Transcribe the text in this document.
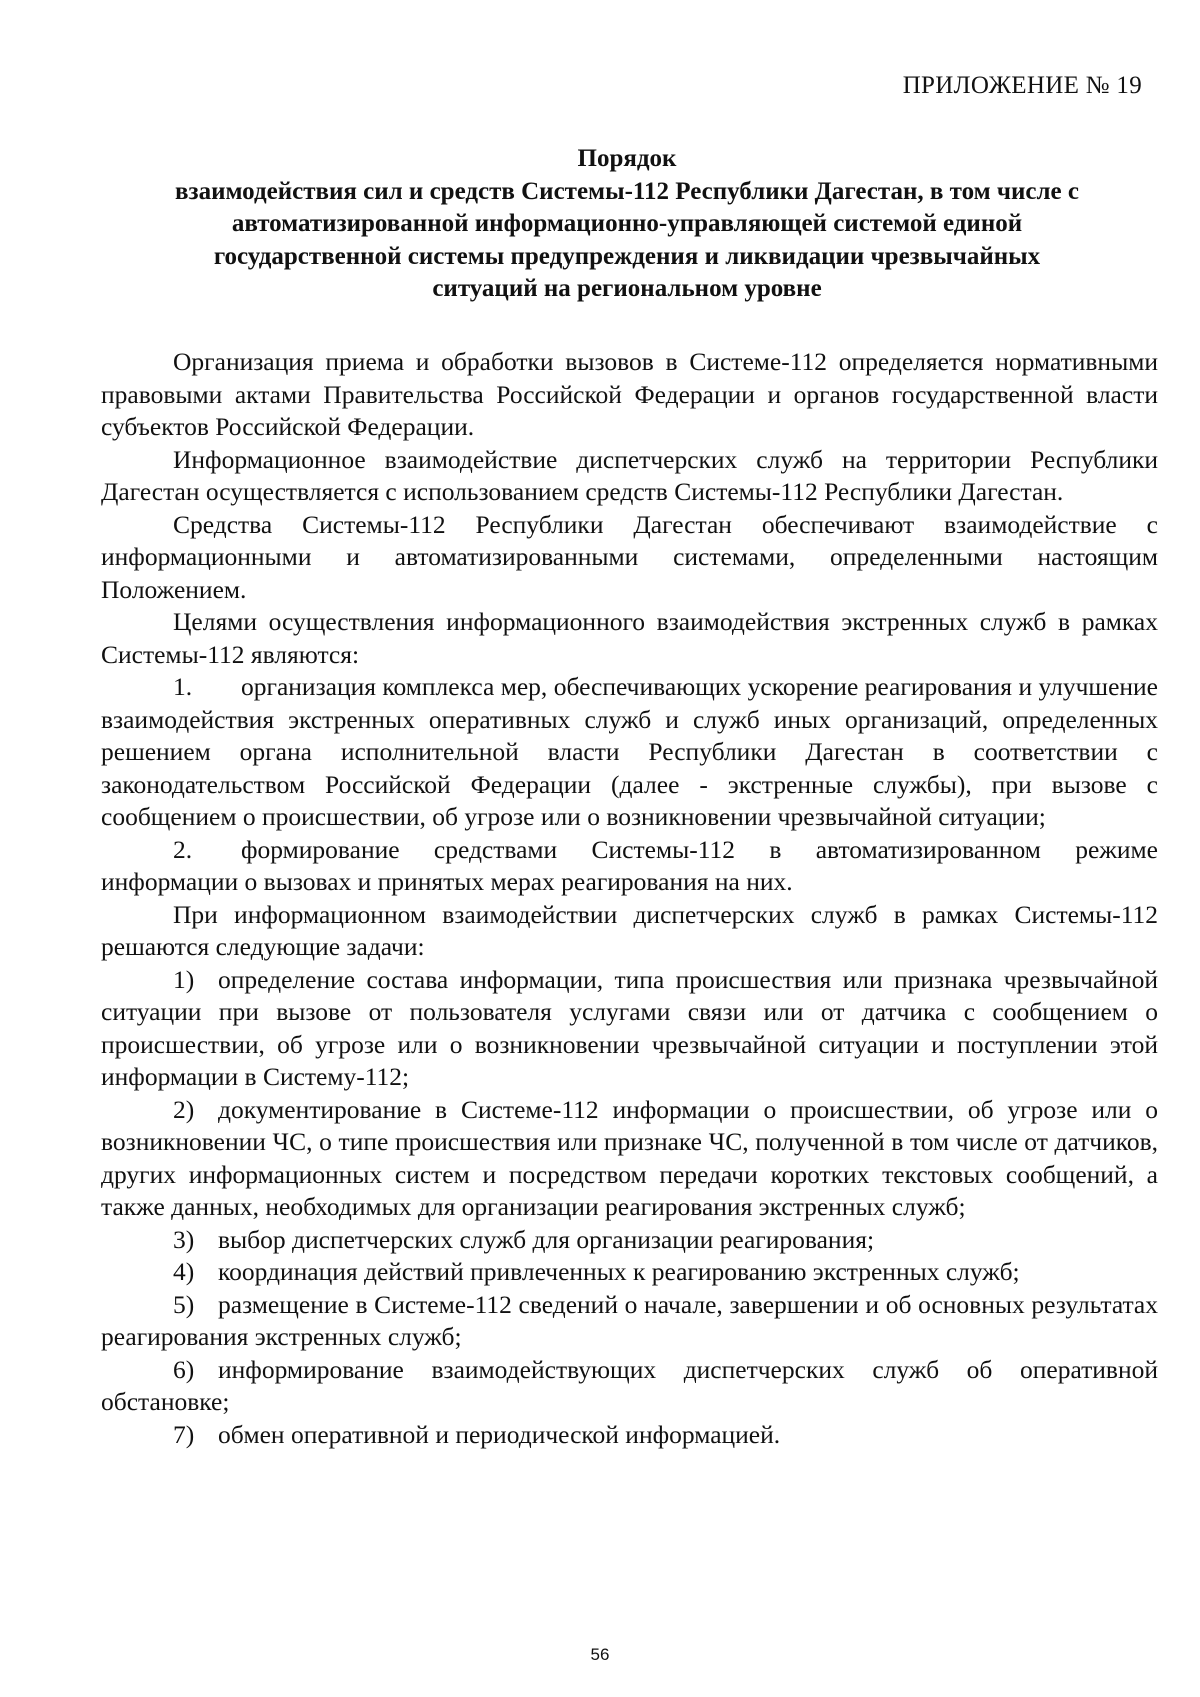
ПРИЛОЖЕНИЕ № 19
Порядок
взаимодействия сил и средств Системы-112 Республики Дагестан, в том числе с
автоматизированной информационно-управляющей системой единой
государственной системы предупреждения и ликвидации чрезвычайных
ситуаций на региональном уровне

Организация приема и обработки вызовов в Системе-112 определяется нормативными правовыми актами Правительства Российской Федерации и органов государственной власти субъектов Российской Федерации.

Информационное взаимодействие диспетчерских служб на территории Республики Дагестан осуществляется с использованием средств Системы-112 Республики Дагестан.

Средства Системы-112 Республики Дагестан обеспечивают взаимодействие с информационными и автоматизированными системами, определенными настоящим Положением.

Целями осуществления информационного взаимодействия экстренных служб в рамках Системы-112 являются:

1. организация комплекса мер, обеспечивающих ускорение реагирования и улучшение взаимодействия экстренных оперативных служб и служб иных организаций, определенных решением органа исполнительной власти Республики Дагестан в соответствии с законодательством Российской Федерации (далее - экстренные службы), при вызове с сообщением о происшествии, об угрозе или о возникновении чрезвычайной ситуации;

2. формирование средствами Системы-112 в автоматизированном режиме информации о вызовах и принятых мерах реагирования на них.

При информационном взаимодействии диспетчерских служб в рамках Системы-112 решаются следующие задачи:

1) определение состава информации, типа происшествия или признака чрезвычайной ситуации при вызове от пользователя услугами связи или от датчика с сообщением о происшествии, об угрозе или о возникновении чрезвычайной ситуации и поступлении этой информации в Систему-112;

2) документирование в Системе-112 информации о происшествии, об угрозе или о возникновении ЧС, о типе происшествия или признаке ЧС, полученной в том числе от датчиков, других информационных систем и посредством передачи коротких текстовых сообщений, а также данных, необходимых для организации реагирования экстренных служб;

3) выбор диспетчерских служб для организации реагирования;

4) координация действий привлеченных к реагированию экстренных служб;

5) размещение в Системе-112 сведений о начале, завершении и об основных результатах реагирования экстренных служб;

6) информирование взаимодействующих диспетчерских служб об оперативной обстановке;

7) обмен оперативной и периодической информацией.

56
